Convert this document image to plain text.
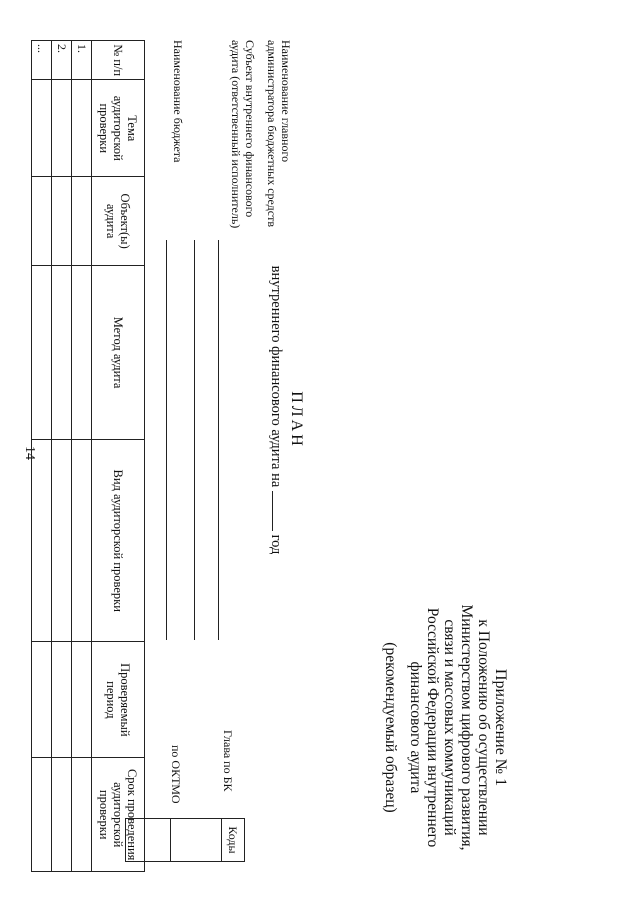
14
Приложение № 1
к Положению об осуществлении Министерством цифрового развития, связи и массовых коммуникаций Российской Федерации внутреннего финансового аудита
(рекомендуемый образец)
ПЛАН
внутреннего финансового аудита на  год
Коды
Наименование главного администратора бюджетных средств
Субъект внутреннего финансового аудита (ответственный исполнитель)
Наименование бюджета
Глава по БК
по ОКТМО
№ п/п	Тема аудиторской проверки	Объект(ы) аудита	Метод аудита	Вид аудиторской проверки	Проверяемый период	Срок проведения аудиторской проверки
1.						
2.						
...						
